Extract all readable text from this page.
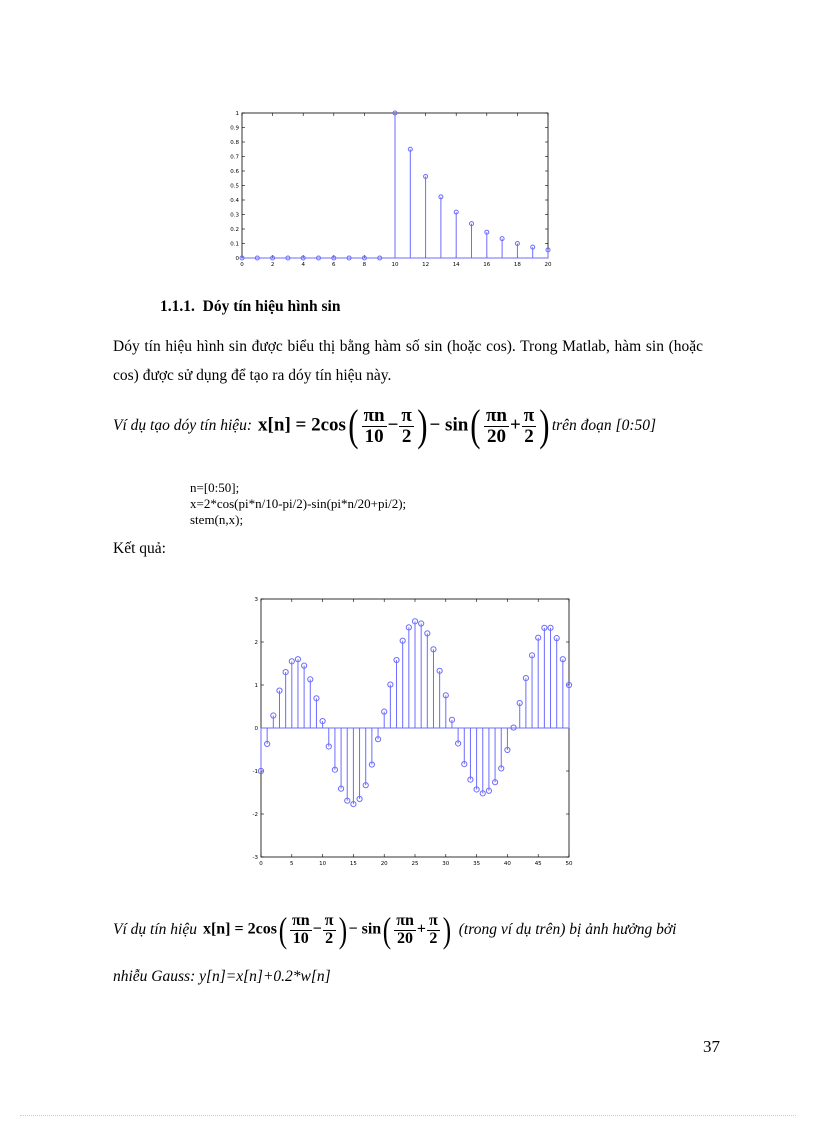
0
0.1
0.2
0.3
0.4
0.5
0.6
0.7
0.8
0.9
1
0	2	4	6	8	10	12	14	16	18	20
1.1.1. Dóy tín hiệu hình sin
Dóy tín hiệu hình sin được biểu thị bằng hàm số sin (hoặc cos). Trong Matlab, hàm sin (hoặc cos) được sử dụng để tạo ra dóy tín hiệu này.
Ví dụ tạo dóy tín hiệu: $x[n] = 2\cos( \frac{\pi n}{10} - \frac{\pi}{2}$ ) − $\sin( \frac{\pi n}{20} + \frac{\pi}{2}$ ) trên đoạn [0:50]
n=[0:50];
x=2*cos(pi*n/10-pi/2)-sin(pi*n/20+pi/2);
stem(n,x);
Kết quả:
-3
-2
-1
0
1
2
3
0	5	10	15	20	25	30	35	40	45	50
Ví dụ tín hiệu $x[n] = 2\cos( \frac{\pi n}{10} - \frac{\pi}{2}$ ) − $\sin( \frac{\pi n}{20} + \frac{\pi}{2}$ ) (trong ví dụ trên) bị ảnh hưởng bởi
nhiễu Gauss: y[n]=x[n]+0.2*w[n]
37
